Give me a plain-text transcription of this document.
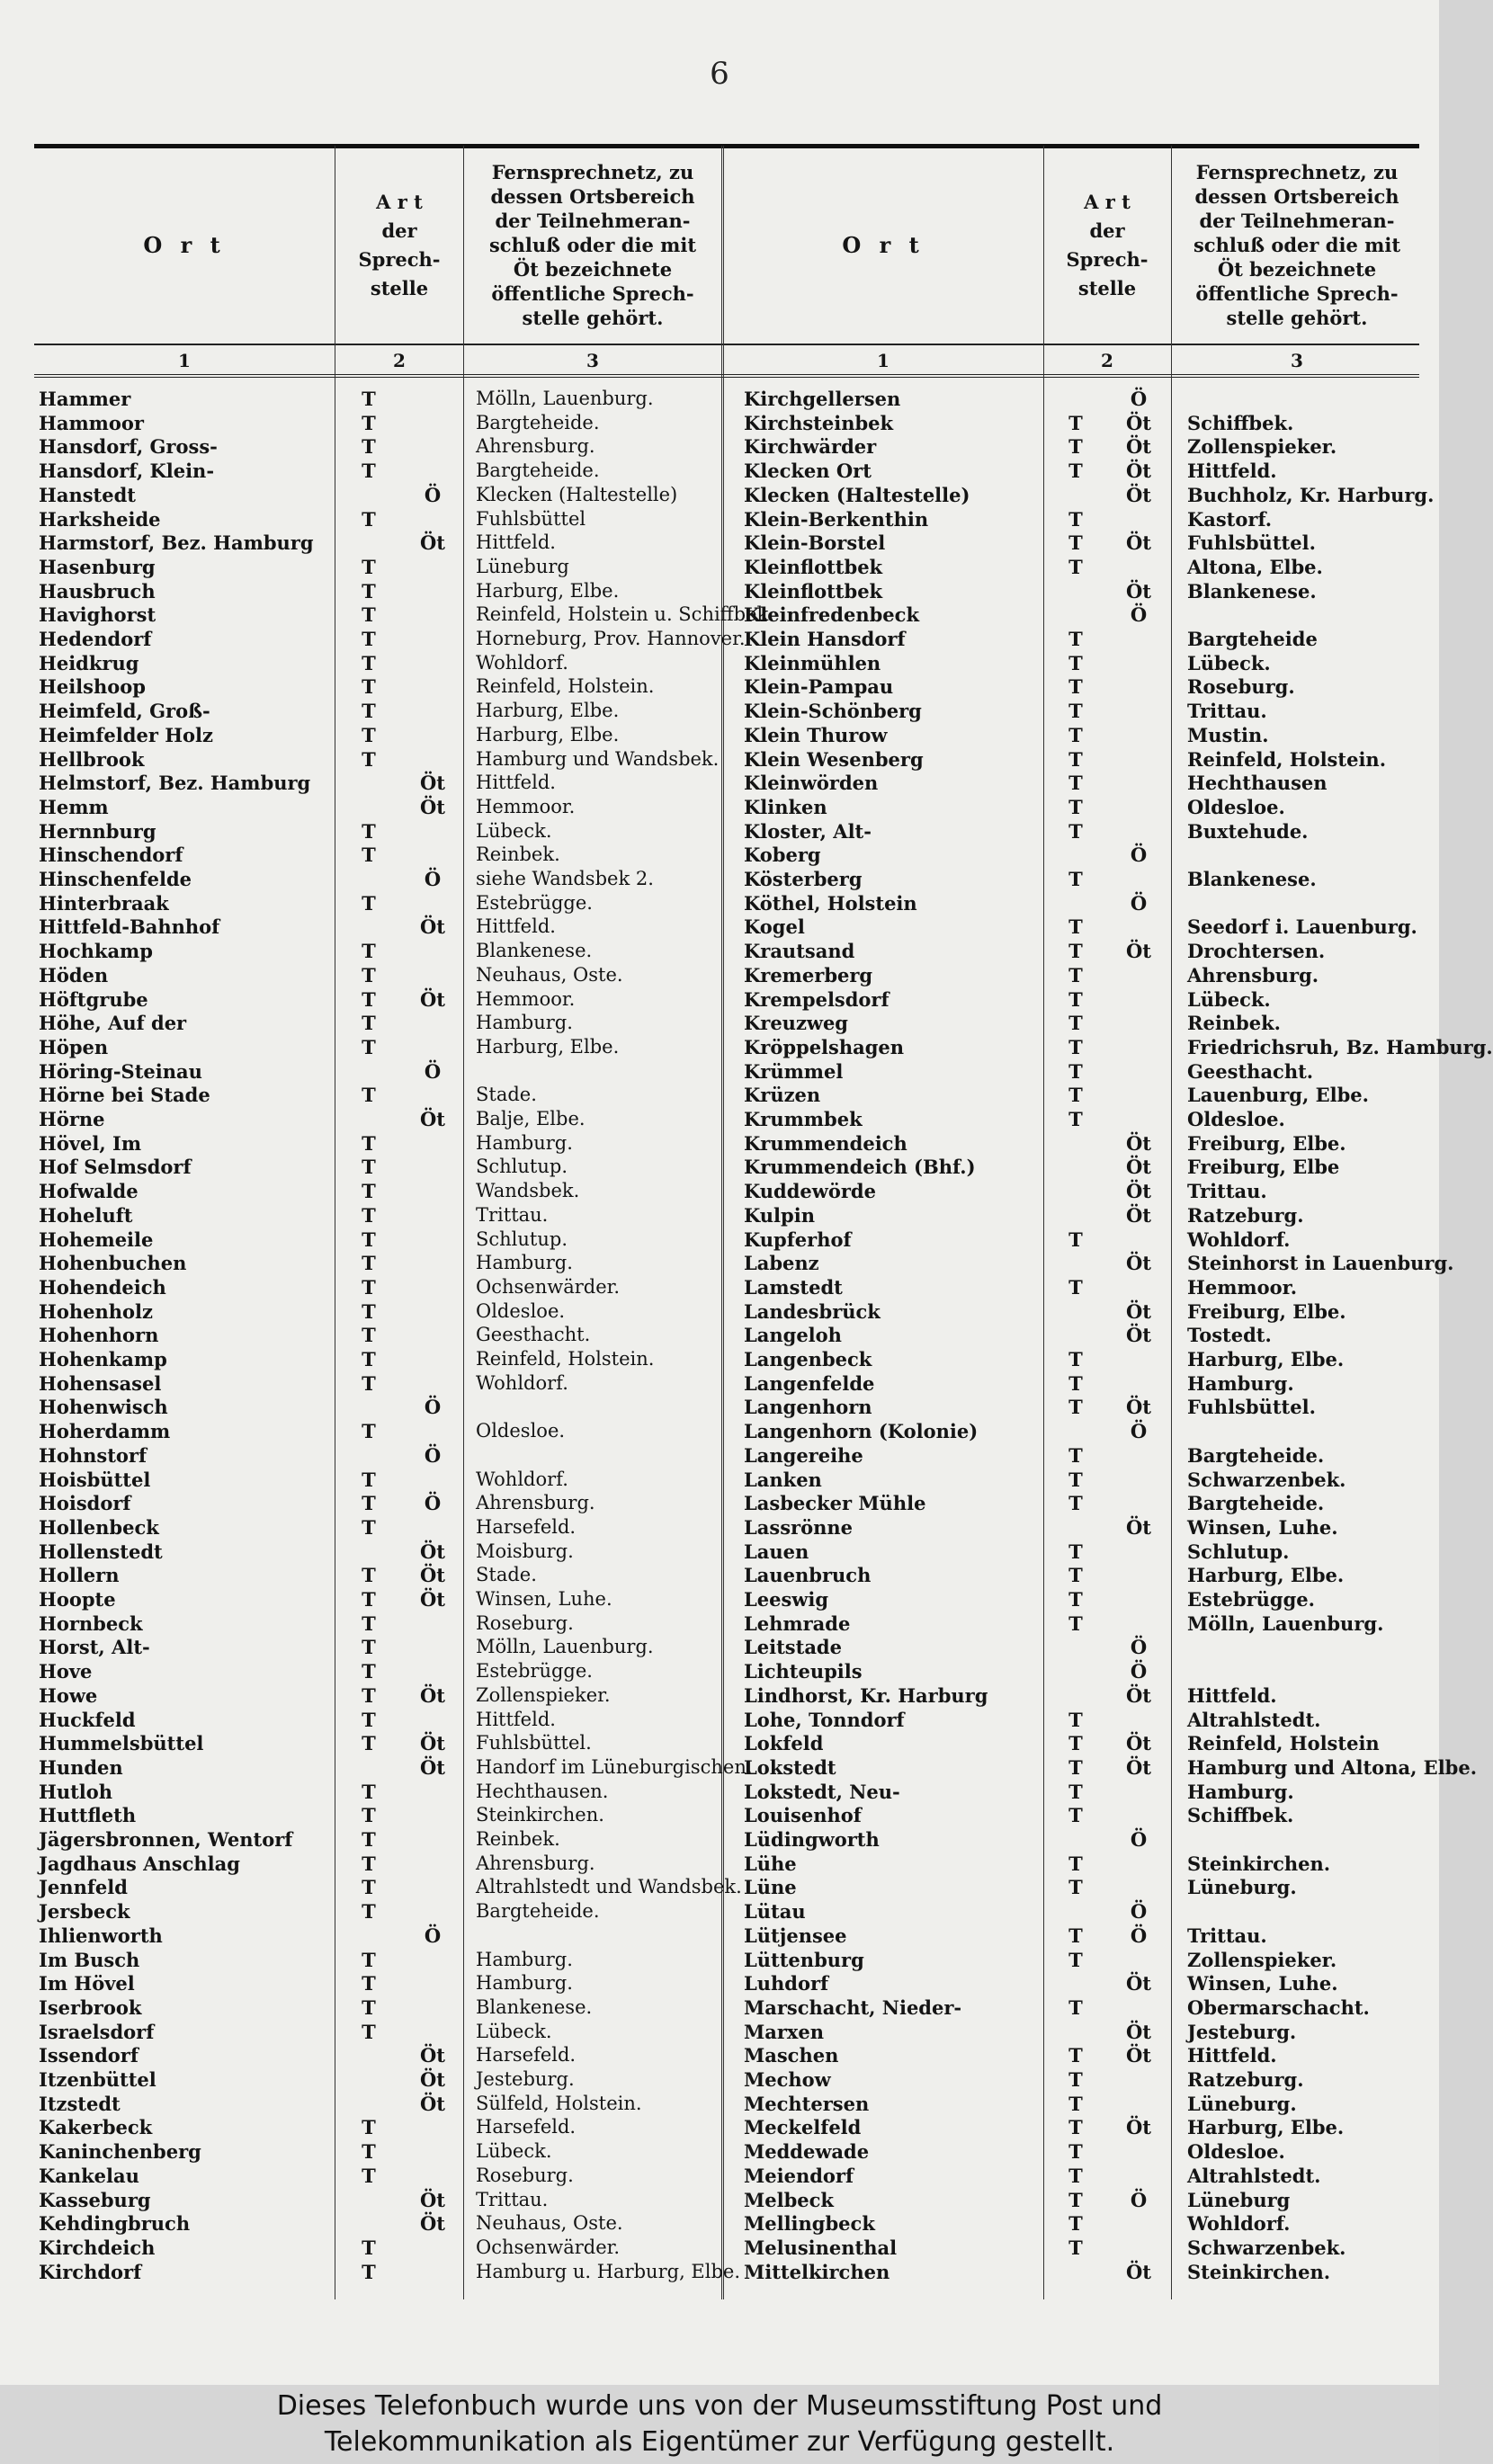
6
O r t
A r t
der
Sprech-
stelle
Fernsprechnetz, zu
dessen Ortsbereich
der Teilnehmeran-
schluß oder die mit
Öt bezeichnete
öffentliche Sprech-
stelle gehört.
O r t
A r t
der
Sprech-
stelle
Fernsprechnetz, zu
dessen Ortsbereich
der Teilnehmeran-
schluß oder die mit
Öt bezeichnete
öffentliche Sprech-
stelle gehört.
1	2	3	1	2	3
Hammer	T	Mölln, Lauenburg.
Hammoor	T	Bargteheide.
Hansdorf, Gross-	T	Ahrensburg.
Hansdorf, Klein-	T	Bargteheide.
Hanstedt	Ö	Klecken (Haltestelle)
Harksheide	T	Fuhlsbüttel
Harmstorf, Bez. Hamburg	Öt	Hittfeld.
Hasenburg	T	Lüneburg
Hausbruch	T	Harburg, Elbe.
Havighorst	T	Reinfeld, Holstein u. Schiffbek.
Hedendorf	T	Horneburg, Prov. Hannover.
Heidkrug	T	Wohldorf.
Heilshoop	T	Reinfeld, Holstein.
Heimfeld, Groß-	T	Harburg, Elbe.
Heimfelder Holz	T	Harburg, Elbe.
Hellbrook	T	Hamburg und Wandsbek.
Helmstorf, Bez. Hamburg	Öt	Hittfeld.
Hemm	Öt	Hemmoor.
Hernnburg	T	Lübeck.
Hinschendorf	T	Reinbek.
Hinschenfelde	Ö	siehe Wandsbek 2.
Hinterbraak	T	Estebrügge.
Hittfeld-Bahnhof	Öt	Hittfeld.
Hochkamp	T	Blankenese.
Höden	T	Neuhaus, Oste.
Höftgrube	T	Öt	Hemmoor.
Höhe, Auf der	T	Hamburg.
Höpen	T	Harburg, Elbe.
Höring-Steinau	Ö
Hörne bei Stade	T	Stade.
Hörne	Öt	Balje, Elbe.
Hövel, Im	T	Hamburg.
Hof Selmsdorf	T	Schlutup.
Hofwalde	T	Wandsbek.
Hoheluft	T	Trittau.
Hohemeile	T	Schlutup.
Hohenbuchen	T	Hamburg.
Hohendeich	T	Ochsenwärder.
Hohenholz	T	Oldesloe.
Hohenhorn	T	Geesthacht.
Hohenkamp	T	Reinfeld, Holstein.
Hohensasel	T	Wohldorf.
Hohenwisch	Ö
Hoherdamm	T	Oldesloe.
Hohnstorf	Ö
Hoisbüttel	T	Wohldorf.
Hoisdorf	T	Ö	Ahrensburg.
Hollenbeck	T	Harsefeld.
Hollenstedt	Öt	Moisburg.
Hollern	T	Öt	Stade.
Hoopte	T	Öt	Winsen, Luhe.
Hornbeck	T	Roseburg.
Horst, Alt-	T	Mölln, Lauenburg.
Hove	T	Estebrügge.
Howe	T	Öt	Zollenspieker.
Huckfeld	T	Hittfeld.
Hummelsbüttel	T	Öt	Fuhlsbüttel.
Hunden	Öt	Handorf im Lüneburgischen.
Hutloh	T	Hechthausen.
Huttfleth	T	Steinkirchen.
Jägersbronnen, Wentorf	T	Reinbek.
Jagdhaus Anschlag	T	Ahrensburg.
Jennfeld	T	Altrahlstedt und Wandsbek.
Jersbeck	T	Bargteheide.
Ihlienworth	Ö
Im Busch	T	Hamburg.
Im Hövel	T	Hamburg.
Iserbrook	T	Blankenese.
Israelsdorf	T	Lübeck.
Issendorf	Öt	Harsefeld.
Itzenbüttel	Öt	Jesteburg.
Itzstedt	Öt	Sülfeld, Holstein.
Kakerbeck	T	Harsefeld.
Kaninchenberg	T	Lübeck.
Kankelau	T	Roseburg.
Kasseburg	Öt	Trittau.
Kehdingbruch	Öt	Neuhaus, Oste.
Kirchdeich	T	Ochsenwärder.
Kirchdorf	T	Hamburg u. Harburg, Elbe.
Kirchgellersen	Ö
Kirchsteinbek	T	Öt	Schiffbek.
Kirchwärder	T	Öt	Zollenspieker.
Klecken Ort	T	Öt	Hittfeld.
Klecken (Haltestelle)	Öt	Buchholz, Kr. Harburg.
Klein-Berkenthin	T	Kastorf.
Klein-Borstel	T	Öt	Fuhlsbüttel.
Kleinflottbek	T	Altona, Elbe.
Kleinflottbek	Öt	Blankenese.
Kleinfredenbeck	Ö
Klein Hansdorf	T	Bargteheide
Kleinmühlen	T	Lübeck.
Klein-Pampau	T	Roseburg.
Klein-Schönberg	T	Trittau.
Klein Thurow	T	Mustin.
Klein Wesenberg	T	Reinfeld, Holstein.
Kleinwörden	T	Hechthausen
Klinken	T	Oldesloe.
Kloster, Alt-	T	Buxtehude.
Koberg	Ö
Kösterberg	T	Blankenese.
Köthel, Holstein	Ö
Kogel	T	Seedorf i. Lauenburg.
Krautsand	T	Öt	Drochtersen.
Kremerberg	T	Ahrensburg.
Krempelsdorf	T	Lübeck.
Kreuzweg	T	Reinbek.
Kröppelshagen	T	Friedrichsruh, Bz. Hamburg.
Krümmel	T	Geesthacht.
Krüzen	T	Lauenburg, Elbe.
Krummbek	T	Oldesloe.
Krummendeich	Öt	Freiburg, Elbe.
Krummendeich (Bhf.)	Öt	Freiburg, Elbe
Kuddewörde	Öt	Trittau.
Kulpin	Öt	Ratzeburg.
Kupferhof	T	Wohldorf.
Labenz	Öt	Steinhorst in Lauenburg.
Lamstedt	T	Hemmoor.
Landesbrück	Öt	Freiburg, Elbe.
Langeloh	Öt	Tostedt.
Langenbeck	T	Harburg, Elbe.
Langenfelde	T	Hamburg.
Langenhorn	T	Öt	Fuhlsbüttel.
Langenhorn (Kolonie)	Ö
Langereihe	T	Bargteheide.
Lanken	T	Schwarzenbek.
Lasbecker Mühle	T	Bargteheide.
Lassrönne	Öt	Winsen, Luhe.
Lauen	T	Schlutup.
Lauenbruch	T	Harburg, Elbe.
Leeswig	T	Estebrügge.
Lehmrade	T	Mölln, Lauenburg.
Leitstade	Ö
Lichteupils	Ö
Lindhorst, Kr. Harburg	Öt	Hittfeld.
Lohe, Tonndorf	T	Altrahlstedt.
Lokfeld	T	Öt	Reinfeld, Holstein
Lokstedt	T	Öt	Hamburg und Altona, Elbe.
Lokstedt, Neu-	T	Hamburg.
Louisenhof	T	Schiffbek.
Lüdingworth	Ö
Lühe	T	Steinkirchen.
Lüne	T	Lüneburg.
Lütau	Ö
Lütjensee	T	Ö	Trittau.
Lüttenburg	T	Zollenspieker.
Luhdorf	Öt	Winsen, Luhe.
Marschacht, Nieder-	T	Obermarschacht.
Marxen	Öt	Jesteburg.
Maschen	T	Öt	Hittfeld.
Mechow	T	Ratzeburg.
Mechtersen	T	Lüneburg.
Meckelfeld	T	Öt	Harburg, Elbe.
Meddewade	T	Oldesloe.
Meiendorf	T	Altrahlstedt.
Melbeck	T	Ö	Lüneburg
Mellingbeck	T	Wohldorf.
Melusinenthal	T	Schwarzenbek.
Mittelkirchen	Öt	Steinkirchen.
Dieses Telefonbuch wurde uns von der Museumsstiftung Post und
Telekommunikation als Eigentümer zur Verfügung gestellt.
